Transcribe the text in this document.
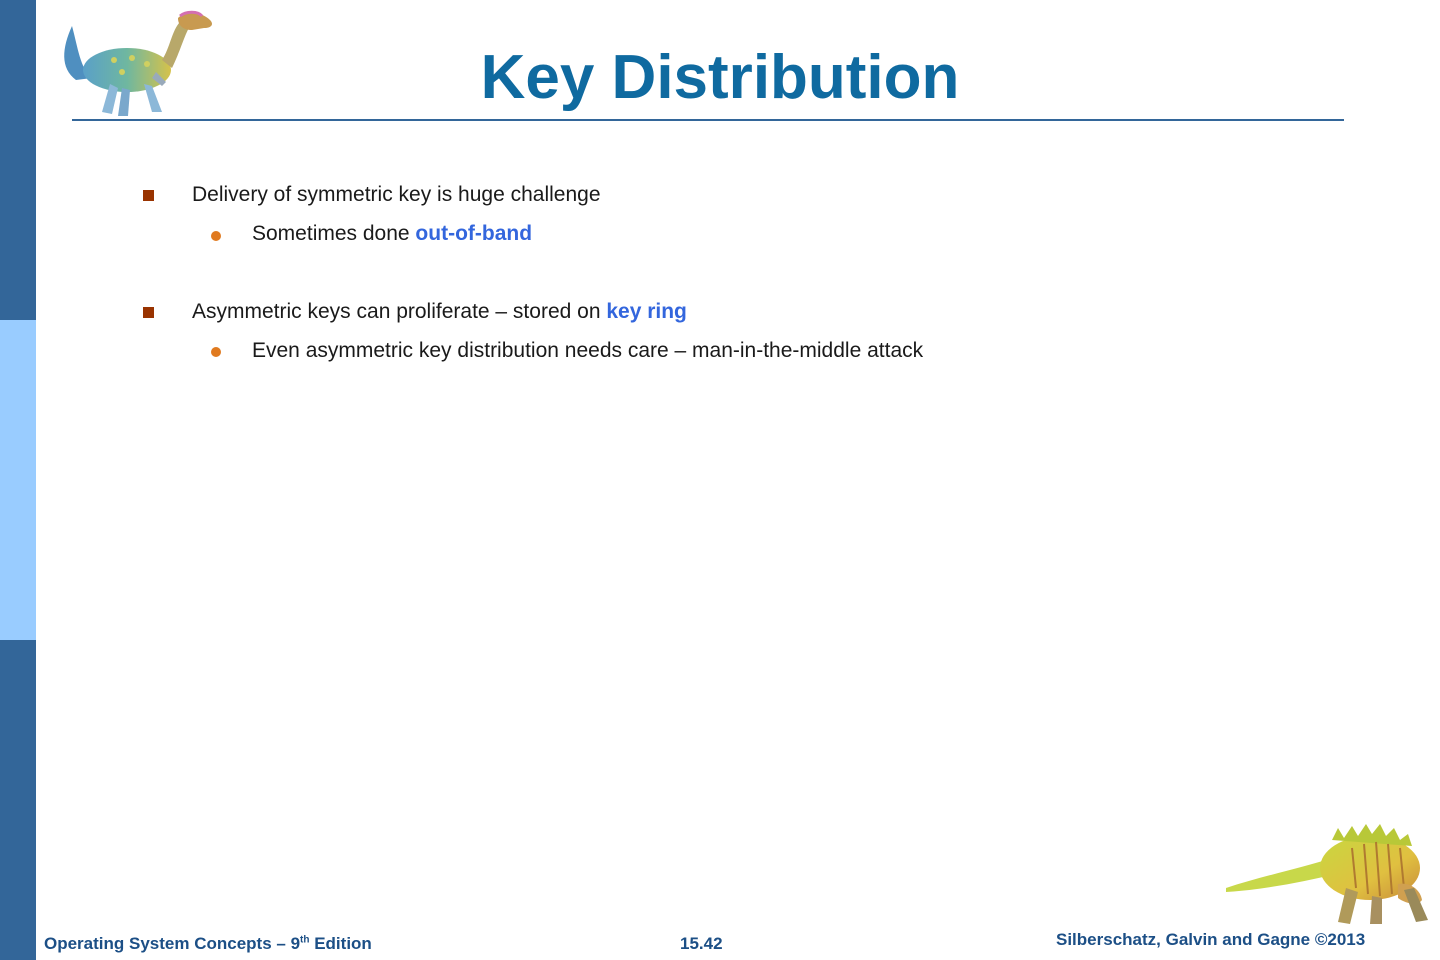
Key Distribution
Delivery of symmetric key is huge challenge
Sometimes done out-of-band
Asymmetric keys can proliferate – stored on key ring
Even asymmetric key distribution needs care – man-in-the-middle attack
Operating System Concepts – 9th Edition	15.42	Silberschatz, Galvin and Gagne ©2013
